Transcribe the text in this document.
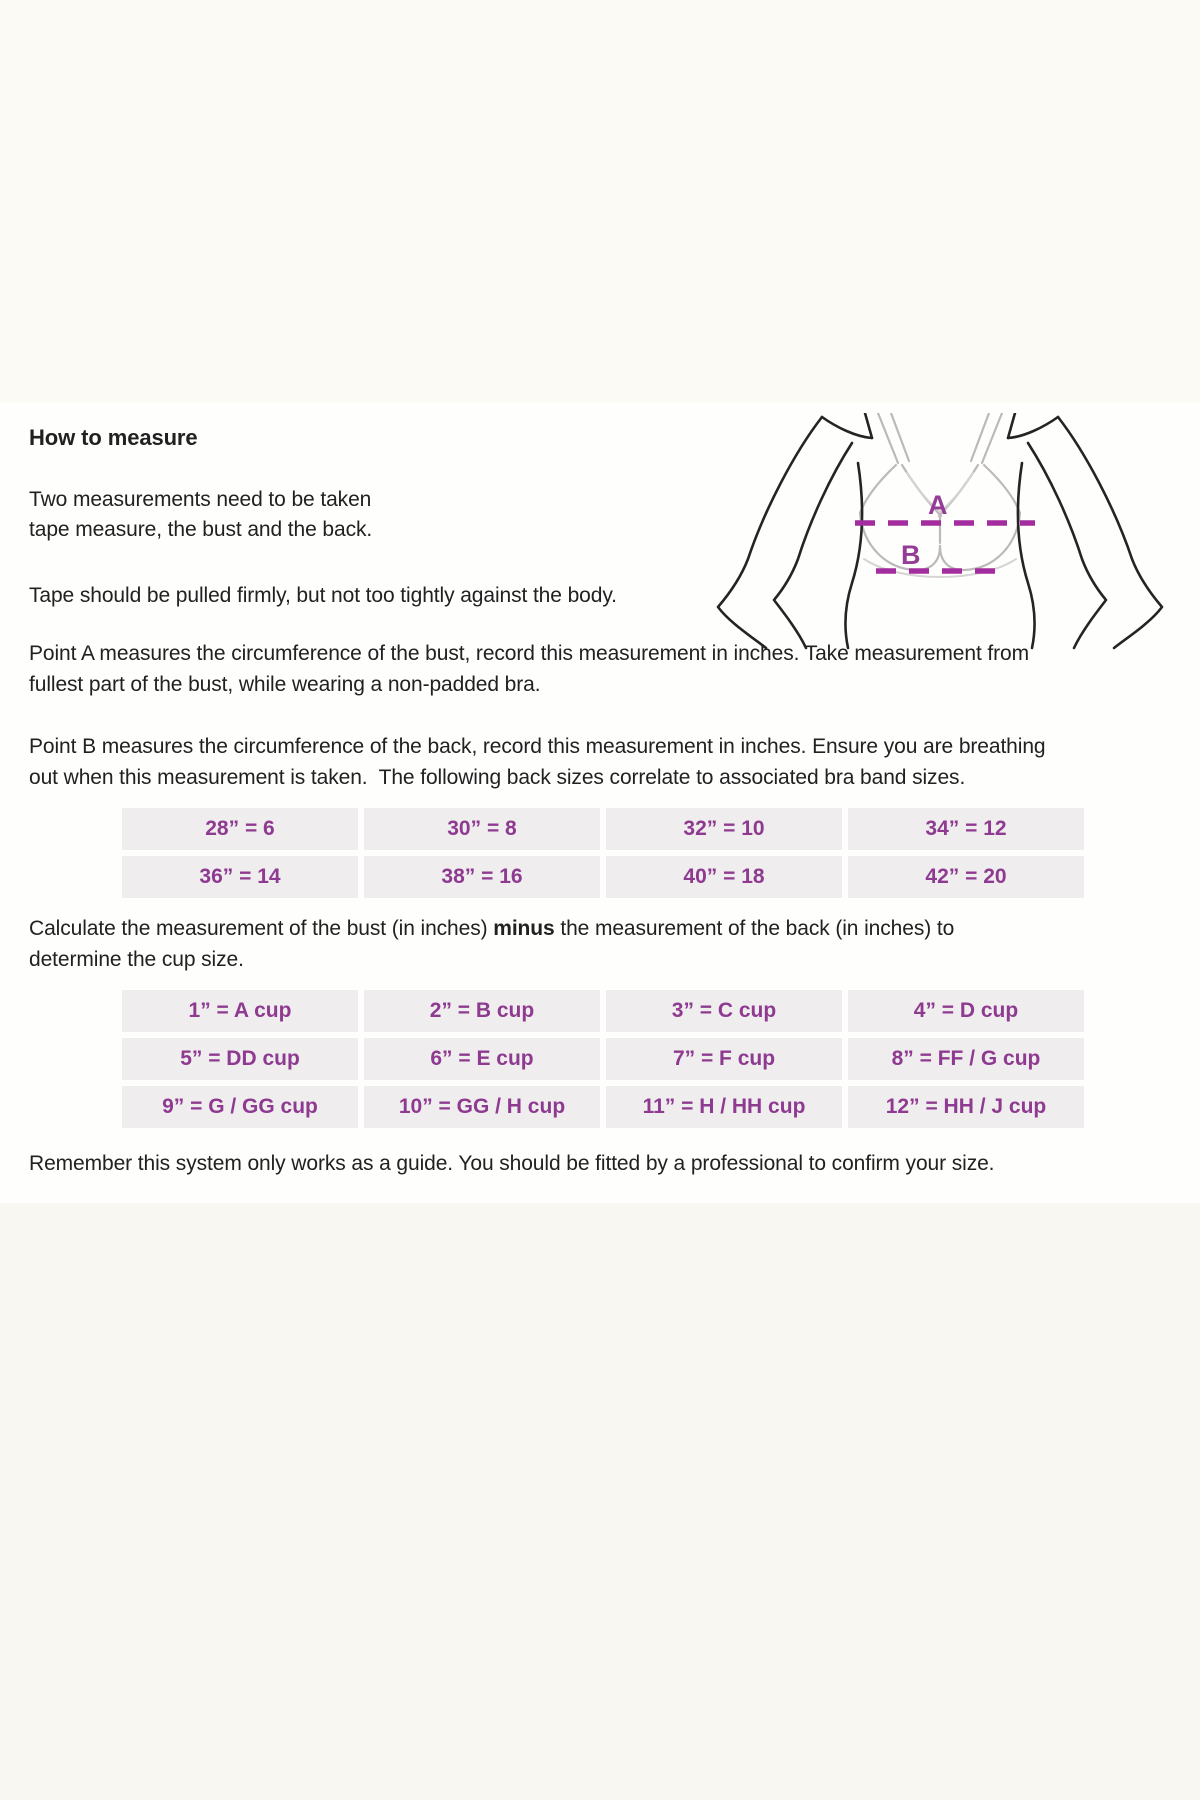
How to measure
Two measurements need to be taken
tape measure, the bust and the back.
Tape should be pulled firmly, but not too tightly against the body.
A
B
Point A measures the circumference of the bust, record this measurement in inches. Take measurement from
fullest part of the bust, while wearing a non-padded bra.
Point B measures the circumference of the back, record this measurement in inches. Ensure you are breathing
out when this measurement is taken.  The following back sizes correlate to associated bra band sizes.
28” = 6	30” = 8	32” = 10	34” = 12
36” = 14	38” = 16	40” = 18	42” = 20
Calculate the measurement of the bust (in inches) minus the measurement of the back (in inches) to
determine the cup size.
1” = A cup	2” = B cup	3” = C cup	4” = D cup
5” = DD cup	6” = E cup	7” = F cup	8” = FF / G cup
9” = G / GG cup	10” = GG / H cup	11” = H / HH cup	12” = HH / J cup
Remember this system only works as a guide. You should be fitted by a professional to confirm your size.
